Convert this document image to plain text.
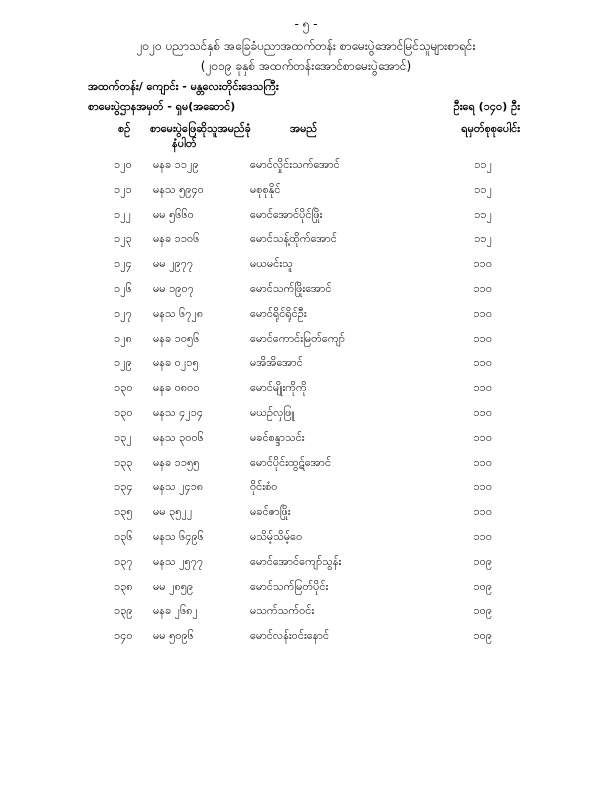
- ၅ -
၂၀၂၀ ပညာသင်နှစ် အခြေခံပညာအထက်တန်း စာမေးပွဲအောင်မြင်သူများစာရင်း
(၂၀၁၉ ခုနှစ် အထက်တန်းအောင်စာမေးပွဲအောင်)
အထက်တန်း/ ကျောင်း - မန္တလေးတိုင်းဒေသကြီး
စာမေးပွဲဌာနအမှတ် - ရှမ(အဆောင်)	ဦးရေ (၁၄၀) ဦး
စဉ် စာမေးပွဲဖြေဆိုသူအမည်ခုံ
နံပါတ်
အမည်	ရမှတ်စုစုပေါင်း
၁၂၀ မနခ ၁၁၂၉	မောင်လှိုင်းသက်အောင်	၁၁၂
၁၂၁ မနသ ၅၉၄၀	မစုစုနိုင်	၁၁၂
၁၂၂ မမ ၅၆၆၀	မောင်အောင်ပိုင်ဖြိုး	၁၁၂
၁၂၃ မနခ ၁၁၀၆	မောင်သန့်ထိုက်အောင်	၁၁၂
၁၂၄ မမ ၂၉၇၇	မယမင်းသူ	၁၁၀
၁၂၆ မမ ၁၉၀၇	မောင်သက်ဖြိုးအောင်	၁၁၀
၁၂၇ မနသ ၆၇၂၈	မောင်ရိုင်ရိုင်ဦး	၁၁၀
၁၂၈ မနခ ၁၀၅၆	မောင်ကောင်းမြတ်ကျော်	၁၁၀
၁၂၉ မနခ ၀၂၁၅	မအိအိအောင်	၁၁၀
၁၃၀ မနခ ၀၈၀၀	မောင်မျိုးကိုကို	၁၁၀
၁၃၀ မနသ ၄၂၁၄	မယဉ်လှဖြူ	၁၁၀
၁၃၂ မနသ ၃၀၀၆	မခင်စန္ဒာသင်း	၁၁၀
၁၃၃ မနခ ၁၁၅၅	မောင်ပိုင်းထွဋ်အောင်	၁၁၀
၁၃၄ မနသ ၂၄၁၈	ဝိုင်းစံ၀	၁၁၀
၁၃၅ မမ ၃၅၂၂	မခင်ဇာဖြိုး	၁၁၀
၁၃၆ မနသ ၆၄၉၆	မသိမ့်သိမ့်ဝေ	၁၁၀
၁၃၇ မနသ ၂၅၇၇	မောင်အောင်ကျော်သွန်း	၁၀၉
၁၃၈ မမ ၂၈၅၉	မောင်သက်မြတ်ပိုင်း	၁၀၉
၁၃၉ မနခ ၂၆၈၂	မသက်သက်ဝင်း	၁၀၉
၁၄၀ မမ ၅၀၉၆	မောင်လန်းဝင်းနောင်	၁၀၉
